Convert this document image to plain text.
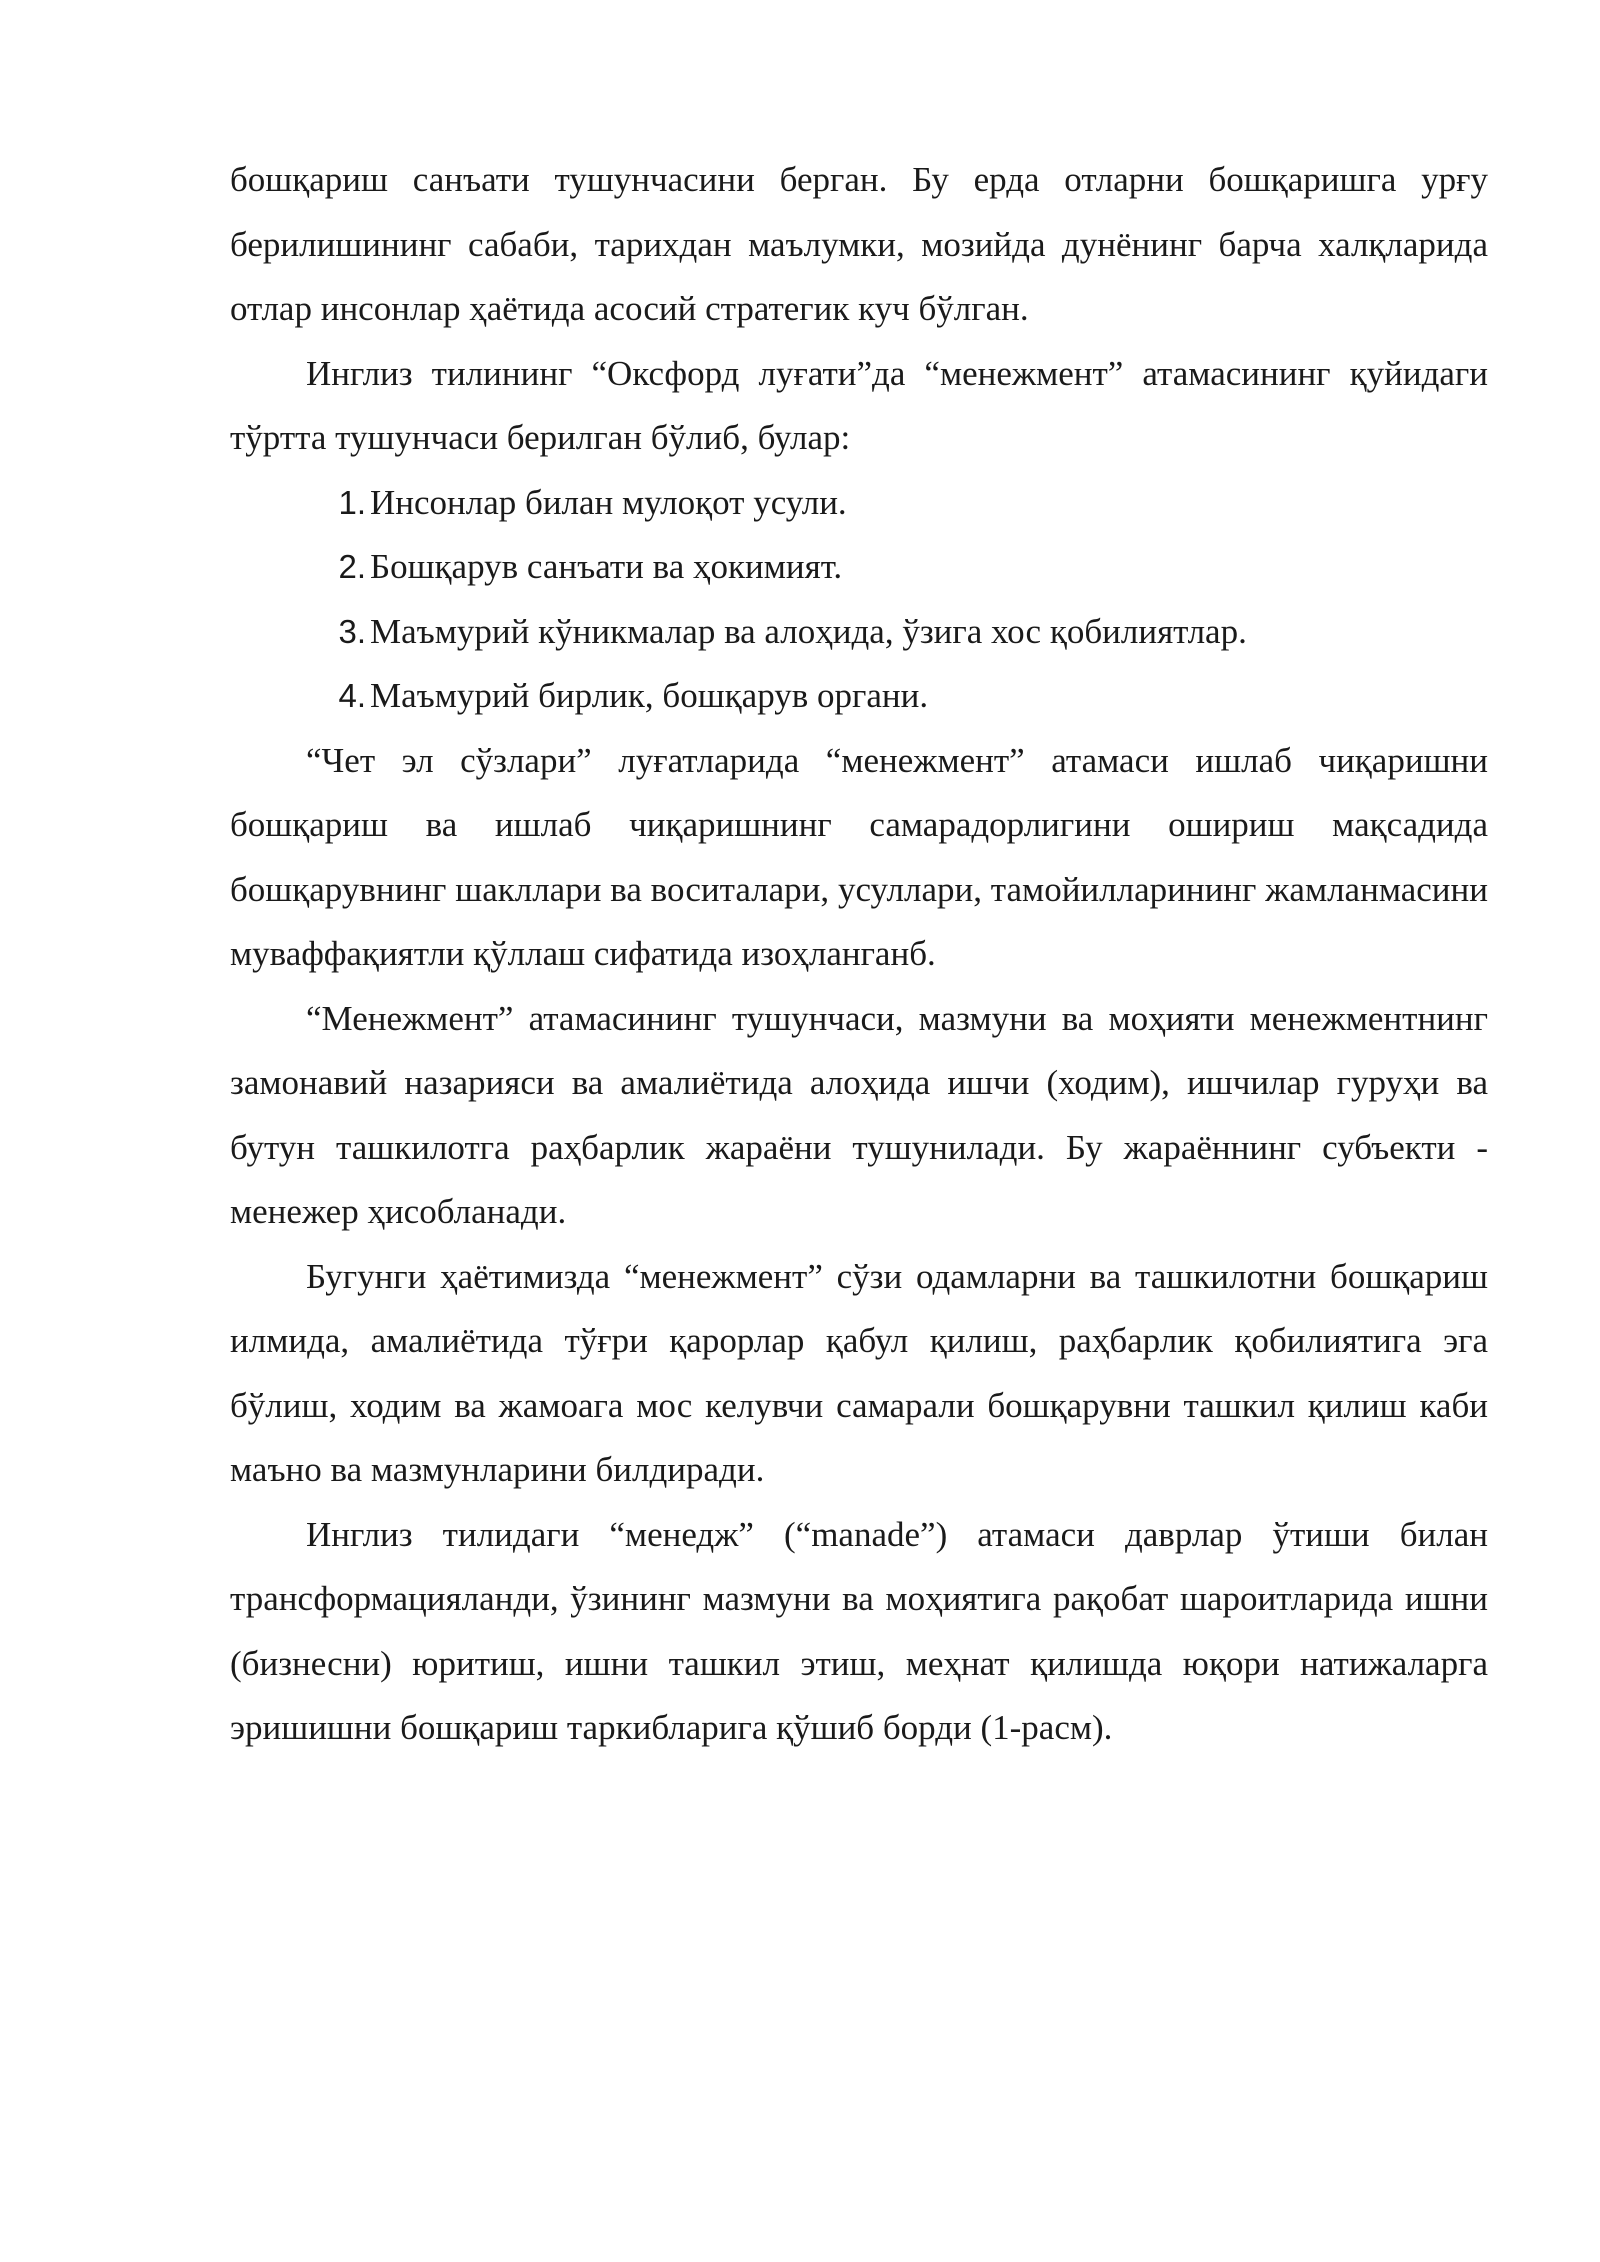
бошқариш санъати тушунчасини берган. Бу ерда отларни бошқаришга урғу берилишининг сабаби, тарихдан маълумки, мозийда дунёнинг барча халқларида отлар инсонлар ҳаётида асосий стратегик куч бўлган.

Инглиз тилининг “Оксфорд луғати”да “менежмент” атамасининг қуйидаги тўртта тушунчаси берилган бўлиб, булар:

1. Инсонлар билан мулоқот усули.
2. Бошқарув санъати ва ҳокимият.
3. Маъмурий кўникмалар ва алоҳида, ўзига хос қобилиятлар.
4. Маъмурий бирлик, бошқарув органи.

“Чет эл сўзлари” луғатларида “менежмент” атамаси ишлаб чиқаришни бошқариш ва ишлаб чиқаришнинг самарадорлигини ошириш мақсадида бошқарувнинг шакллари ва воситалари, усуллари, тамойилларининг жамланмасини муваффақиятли қўллаш сифатида изоҳланганб.

“Менежмент” атамасининг тушунчаси, мазмуни ва моҳияти менежментнинг замонавий назарияси ва амалиётида алоҳида ишчи (ходим), ишчилар гуруҳи ва бутун ташкилотга раҳбарлик жараёни тушунилади. Бу жараённинг субъекти - менежер ҳисобланади.

Бугунги ҳаётимизда “менежмент” сўзи одамларни ва ташкилотни бошқариш илмида, амалиётида тўғри қарорлар қабул қилиш, раҳбарлик қобилиятига эга бўлиш, ходим ва жамоага мос келувчи самарали бошқарувни ташкил қилиш каби маъно ва мазмунларини билдиради.

Инглиз тилидаги “менедж” (“manade”) атамаси даврлар ўтиши билан трансформацияланди, ўзининг мазмуни ва моҳиятига рақобат шароитларида ишни (бизнесни) юритиш, ишни ташкил этиш, меҳнат қилишда юқори натижаларга эришишни бошқариш таркибларига қўшиб борди (1-расм).
